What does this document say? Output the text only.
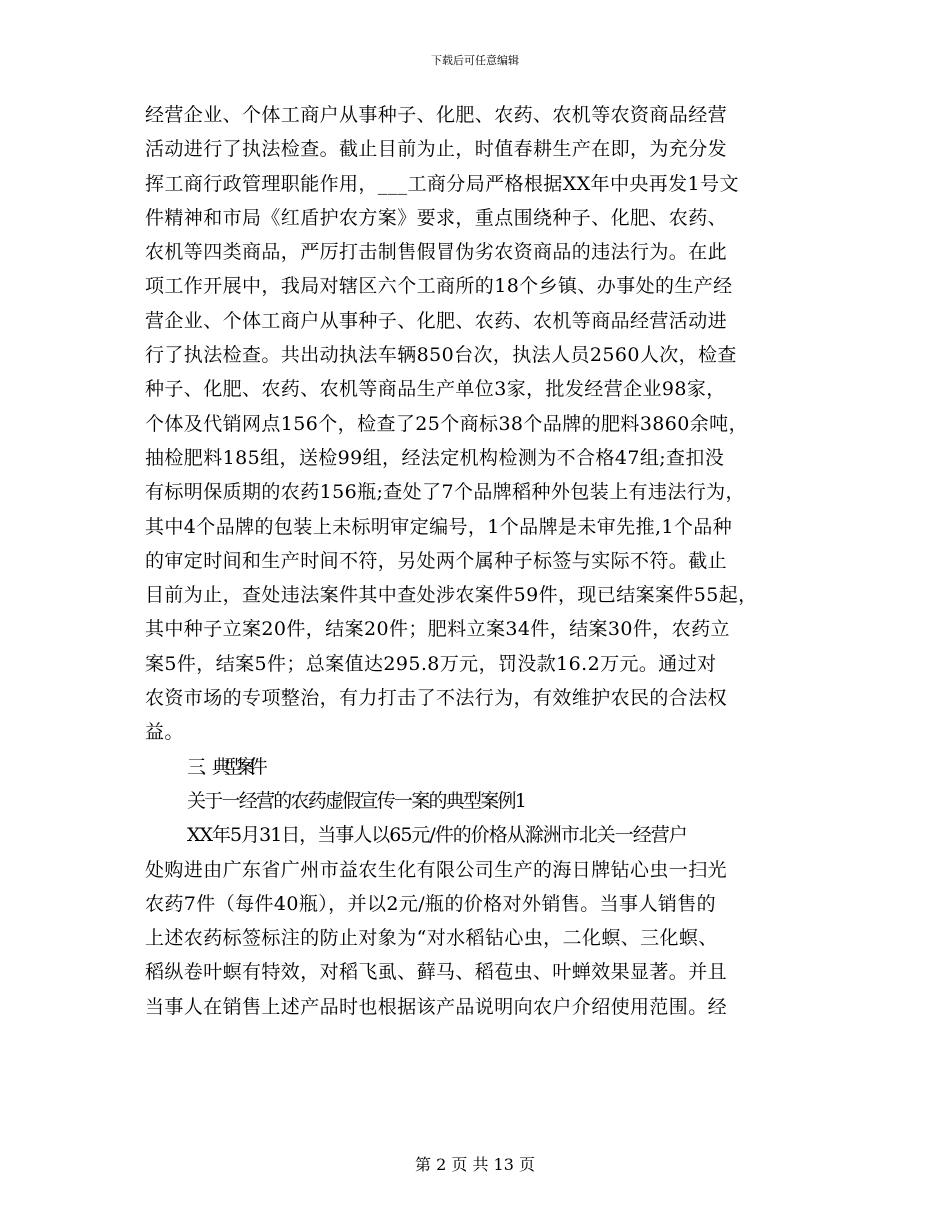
下载后可任意编辑
经营企业、个体工商户从事种子、化肥、农药、农机等农资商品经营
活动进行了执法检查。截止目前为止，时值春耕生产在即，为充分发
挥工商行政管理职能作用，___工商分局严格根据XX年中央再发1号文
件精神和市局《红盾护农方案》要求，重点围绕种子、化肥、农药、
农机等四类商品，严厉打击制售假冒伪劣农资商品的违法行为。在此
项工作开展中，我局对辖区六个工商所的18个乡镇、办事处的生产经
营企业、个体工商户从事种子、化肥、农药、农机等商品经营活动进
行了执法检查。共出动执法车辆850台次，执法人员2560人次，检查
种子、化肥、农药、农机等商品生产单位3家，批发经营企业98家，
个体及代销网点156个，检查了25个商标38个品牌的肥料3860余吨，
抽检肥料185组，送检99组，经法定机构检测为不合格47组;查扣没
有标明保质期的农药156瓶;查处了7个品牌稻种外包装上有违法行为，
其中4个品牌的包装上未标明审定编号，1个品牌是未审先推,1个品种
的审定时间和生产时间不符，另处两个属种子标签与实际不符。截止
目前为止，查处违法案件其中查处涉农案件59件，现已结案案件55起，
其中种子立案20件，结案20件；肥料立案34件，结案30件，农药立
案5件，结案5件；总案值达295.8万元，罚没款16.2万元。通过对
农资市场的专项整治，有力打击了不法行为，有效维护农民的合法权
益。
三、典型案件
关于一经营的农药虚假宣传一案的典型案例1
XX年5月31日，当事人以65元/件的价格从滁洲市北关一经营户
处购进由广东省广州市益农生化有限公司生产的海日牌钻心虫一扫光
农药7件（每件40瓶），并以2元/瓶的价格对外销售。当事人销售的
上述农药标签标注的防止对象为“对水稻钻心虫，二化螟、三化螟、
稻纵卷叶螟有特效，对稻飞虱、藓马、稻苞虫、叶蝉效果显著。并且
当事人在销售上述产品时也根据该产品说明向农户介绍使用范围。经
第 2 页 共 13 页
